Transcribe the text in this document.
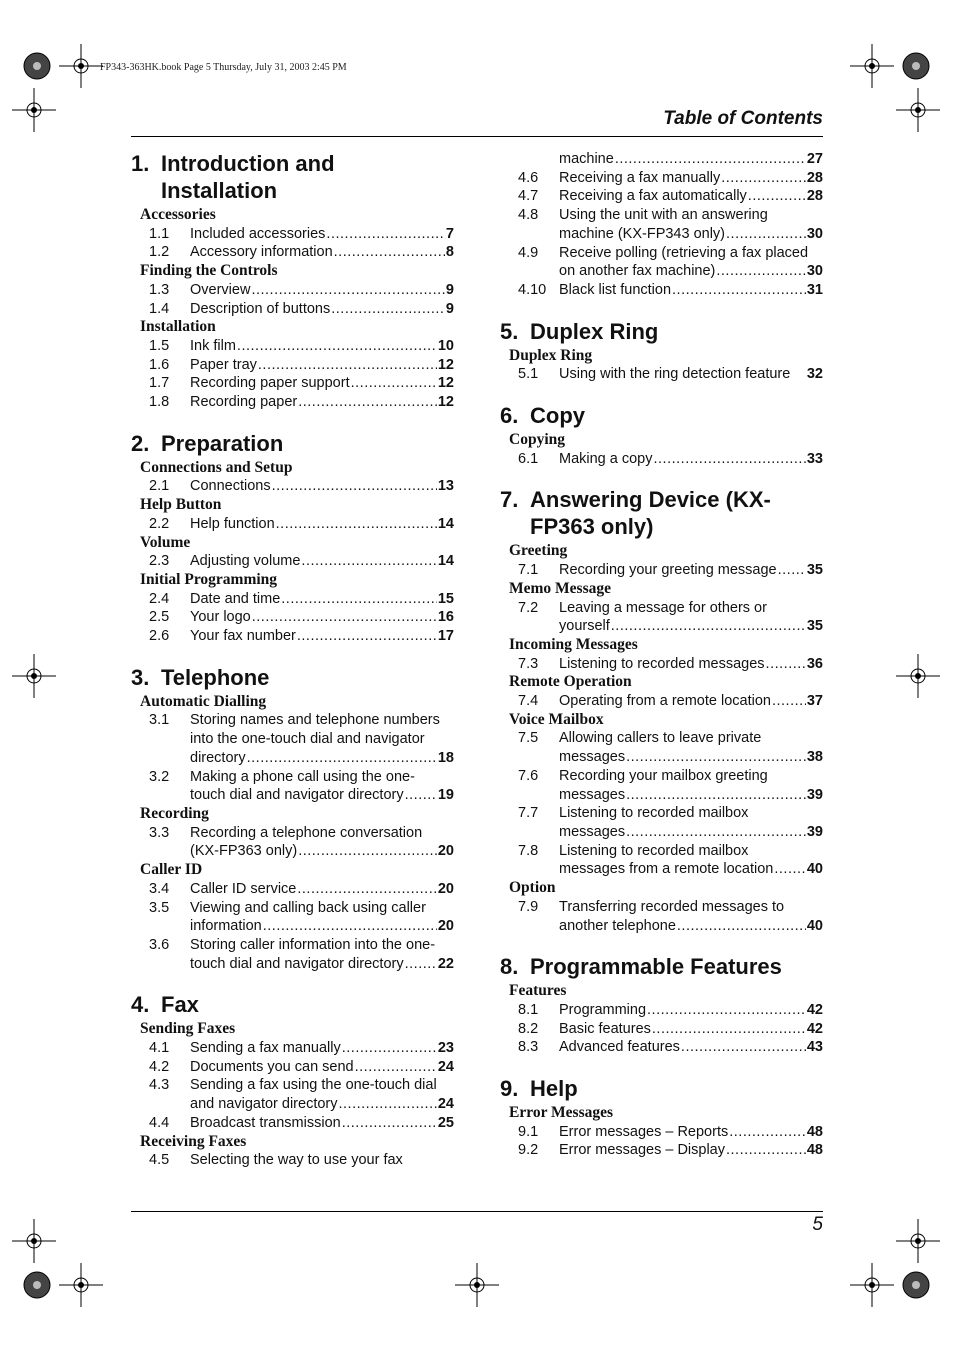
FP343-363HK.book Page 5 Thursday, July 31, 2003 2:45 PM
Table of Contents
1. Introduction and Installation
Accessories
1.1	Included accessories .....	7
1.2	Accessory information .....	8
Finding the Controls
1.3	Overview .....	9
1.4	Description of buttons .....	9
Installation
1.5	Ink film .....	10
1.6	Paper tray .....	12
1.7	Recording paper support .....	12
1.8	Recording paper .....	12
2. Preparation
Connections and Setup
2.1	Connections .....	13
Help Button
2.2	Help function .....	14
Volume
2.3	Adjusting volume .....	14
Initial Programming
2.4	Date and time .....	15
2.5	Your logo .....	16
2.6	Your fax number .....	17
3. Telephone
Automatic Dialling
3.1	Storing names and telephone numbers
into the one-touch dial and navigator
directory .....	18
3.2	Making a phone call using the one-
touch dial and navigator directory ..... 19
Recording
3.3	Recording a telephone conversation
(KX-FP363 only) .....	20
Caller ID
3.4	Caller ID service .....	20
3.5	Viewing and calling back using caller
information .....	20
3.6	Storing caller information into the one-
touch dial and navigator directory ..... 22
4. Fax
Sending Faxes
4.1	Sending a fax manually .....	23
4.2	Documents you can send .....	24
4.3	Sending a fax using the one-touch dial
and navigator directory .....	24
4.4	Broadcast transmission .....	25
Receiving Faxes
4.5	Selecting the way to use your fax
machine .....	27
4.6	Receiving a fax manually .....	28
4.7	Receiving a fax automatically .....	28
4.8	Using the unit with an answering
machine (KX-FP343 only) .....	30
4.9	Receive polling (retrieving a fax placed
on another fax machine) .....	30
4.10 Black list function .....	31
5. Duplex Ring
Duplex Ring
5.1	Using with the ring detection feature 32
6. Copy
Copying
6.1	Making a copy .....	33
7. Answering Device (KX-FP363 only)
Greeting
7.1	Recording your greeting message ..... 35
Memo Message
7.2	Leaving a message for others or
yourself .....	35
Incoming Messages
7.3	Listening to recorded messages .....	36
Remote Operation
7.4	Operating from a remote location ..... 37
Voice Mailbox
7.5	Allowing callers to leave private
messages .....	38
7.6	Recording your mailbox greeting
messages .....	39
7.7	Listening to recorded mailbox
messages .....	39
7.8	Listening to recorded mailbox
messages from a remote location ..... 40
Option
7.9	Transferring recorded messages to
another telephone .....	40
8. Programmable Features
Features
8.1	Programming .....	42
8.2	Basic features .....	42
8.3	Advanced features .....	43
9. Help
Error Messages
9.1	Error messages – Reports .....	48
9.2	Error messages – Display .....	48
5
